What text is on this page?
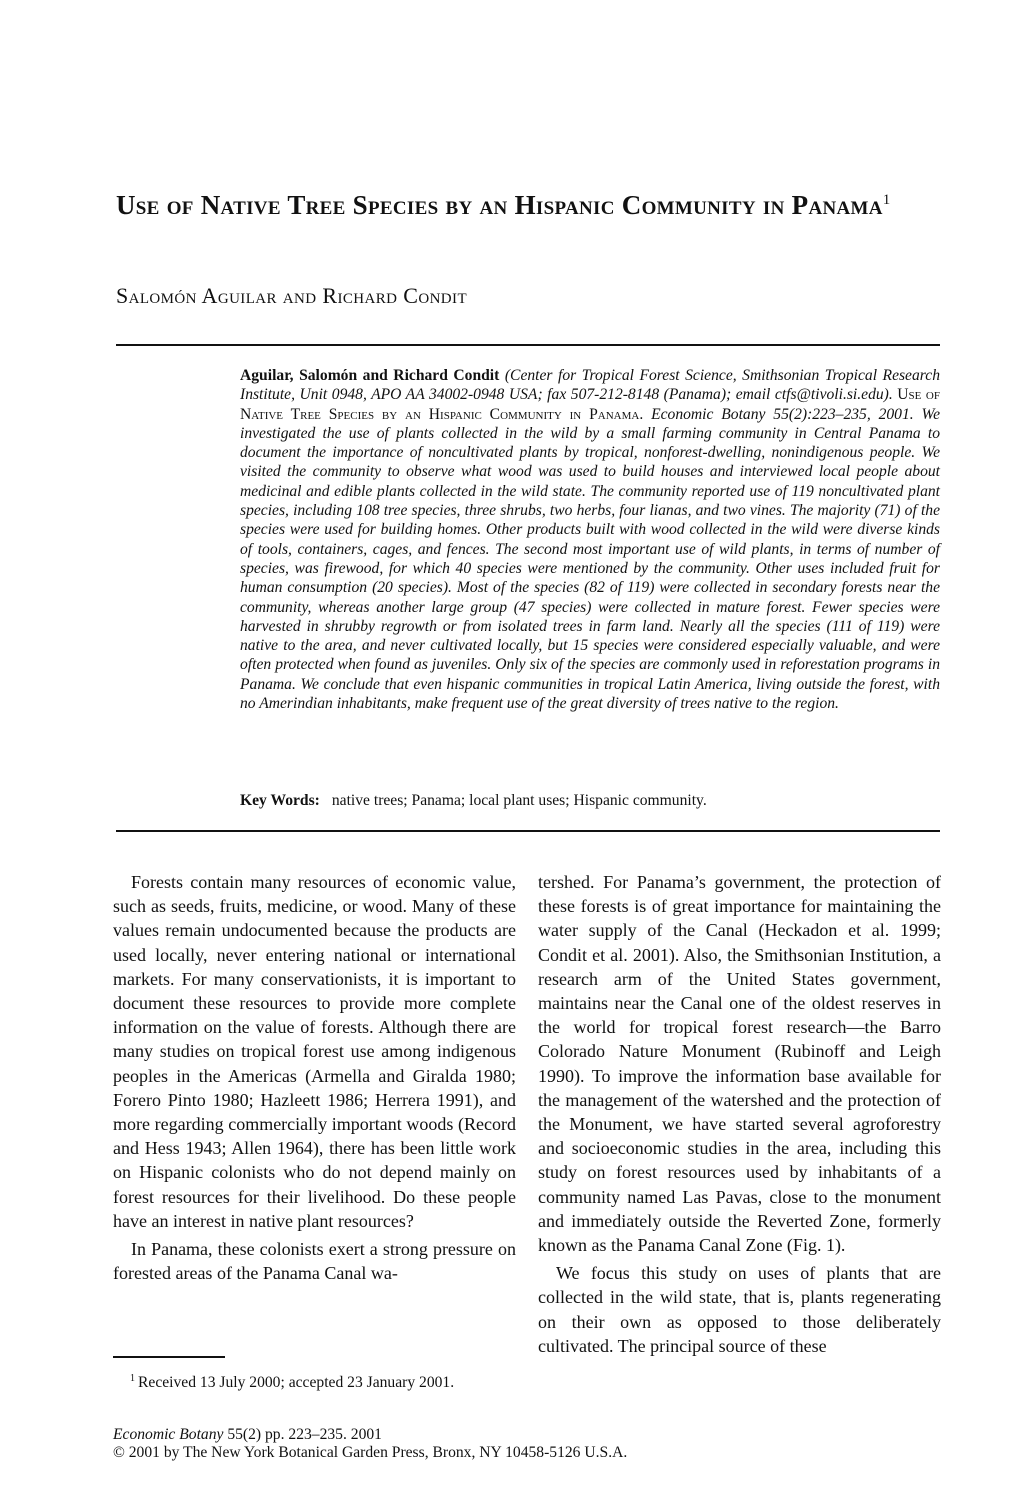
Use of Native Tree Species by an Hispanic Community in Panama$^1$

Salomón Aguilar and Richard Condit

Aguilar, Salomón and Richard Condit (Center for Tropical Forest Science, Smithsonian Tropical Research Institute, Unit 0948, APO AA 34002-0948 USA; fax 507-212-8148 (Panama); email ctfs@tivoli.si.edu). Use of Native Tree Species by an Hispanic Community in Panama. Economic Botany 55(2):223–235, 2001. We investigated the use of plants collected in the wild by a small farming community in Central Panama to document the importance of noncultivated plants by tropical, nonforest-dwelling, nonindigenous people. We visited the community to observe what wood was used to build houses and interviewed local people about medicinal and edible plants collected in the wild state. The community reported use of 119 noncultivated plant species, including 108 tree species, three shrubs, two herbs, four lianas, and two vines. The majority (71) of the species were used for building homes. Other products built with wood collected in the wild were diverse kinds of tools, containers, cages, and fences. The second most important use of wild plants, in terms of number of species, was firewood, for which 40 species were mentioned by the community. Other uses included fruit for human consumption (20 species). Most of the species (82 of 119) were collected in secondary forests near the community, whereas another large group (47 species) were collected in mature forest. Fewer species were harvested in shrubby regrowth or from isolated trees in farm land. Nearly all the species (111 of 119) were native to the area, and never cultivated locally, but 15 species were considered especially valuable, and were often protected when found as juveniles. Only six of the species are commonly used in reforestation programs in Panama. We conclude that even hispanic communities in tropical Latin America, living outside the forest, with no Amerindian inhabitants, make frequent use of the great diversity of trees native to the region.

Key Words: native trees; Panama; local plant uses; Hispanic community.

Forests contain many resources of economic value, such as seeds, fruits, medicine, or wood. Many of these values remain undocumented because the products are used locally, never entering national or international markets. For many conservationists, it is important to document these resources to provide more complete information on the value of forests. Although there are many studies on tropical forest use among indigenous peoples in the Americas (Armella and Giralda 1980; Forero Pinto 1980; Hazleett 1986; Herrera 1991), and more regarding commercially important woods (Record and Hess 1943; Allen 1964), there has been little work on Hispanic colonists who do not depend mainly on forest resources for their livelihood. Do these people have an interest in native plant resources?

In Panama, these colonists exert a strong pressure on forested areas of the Panama Canal wa-

tershed. For Panama’s government, the protection of these forests is of great importance for maintaining the water supply of the Canal (Heckadon et al. 1999; Condit et al. 2001). Also, the Smithsonian Institution, a research arm of the United States government, maintains near the Canal one of the oldest reserves in the world for tropical forest research—the Barro Colorado Nature Monument (Rubinoff and Leigh 1990). To improve the information base available for the management of the watershed and the protection of the Monument, we have started several agroforestry and socioeconomic studies in the area, including this study on forest resources used by inhabitants of a community named Las Pavas, close to the monument and immediately outside the Reverted Zone, formerly known as the Panama Canal Zone (Fig. 1).

We focus this study on uses of plants that are collected in the wild state, that is, plants regenerating on their own as opposed to those deliberately cultivated. The principal source of these

$^1$ Received 13 July 2000; accepted 23 January 2001.

Economic Botany 55(2) pp. 223–235. 2001

© 2001 by The New York Botanical Garden Press, Bronx, NY 10458-5126 U.S.A.
